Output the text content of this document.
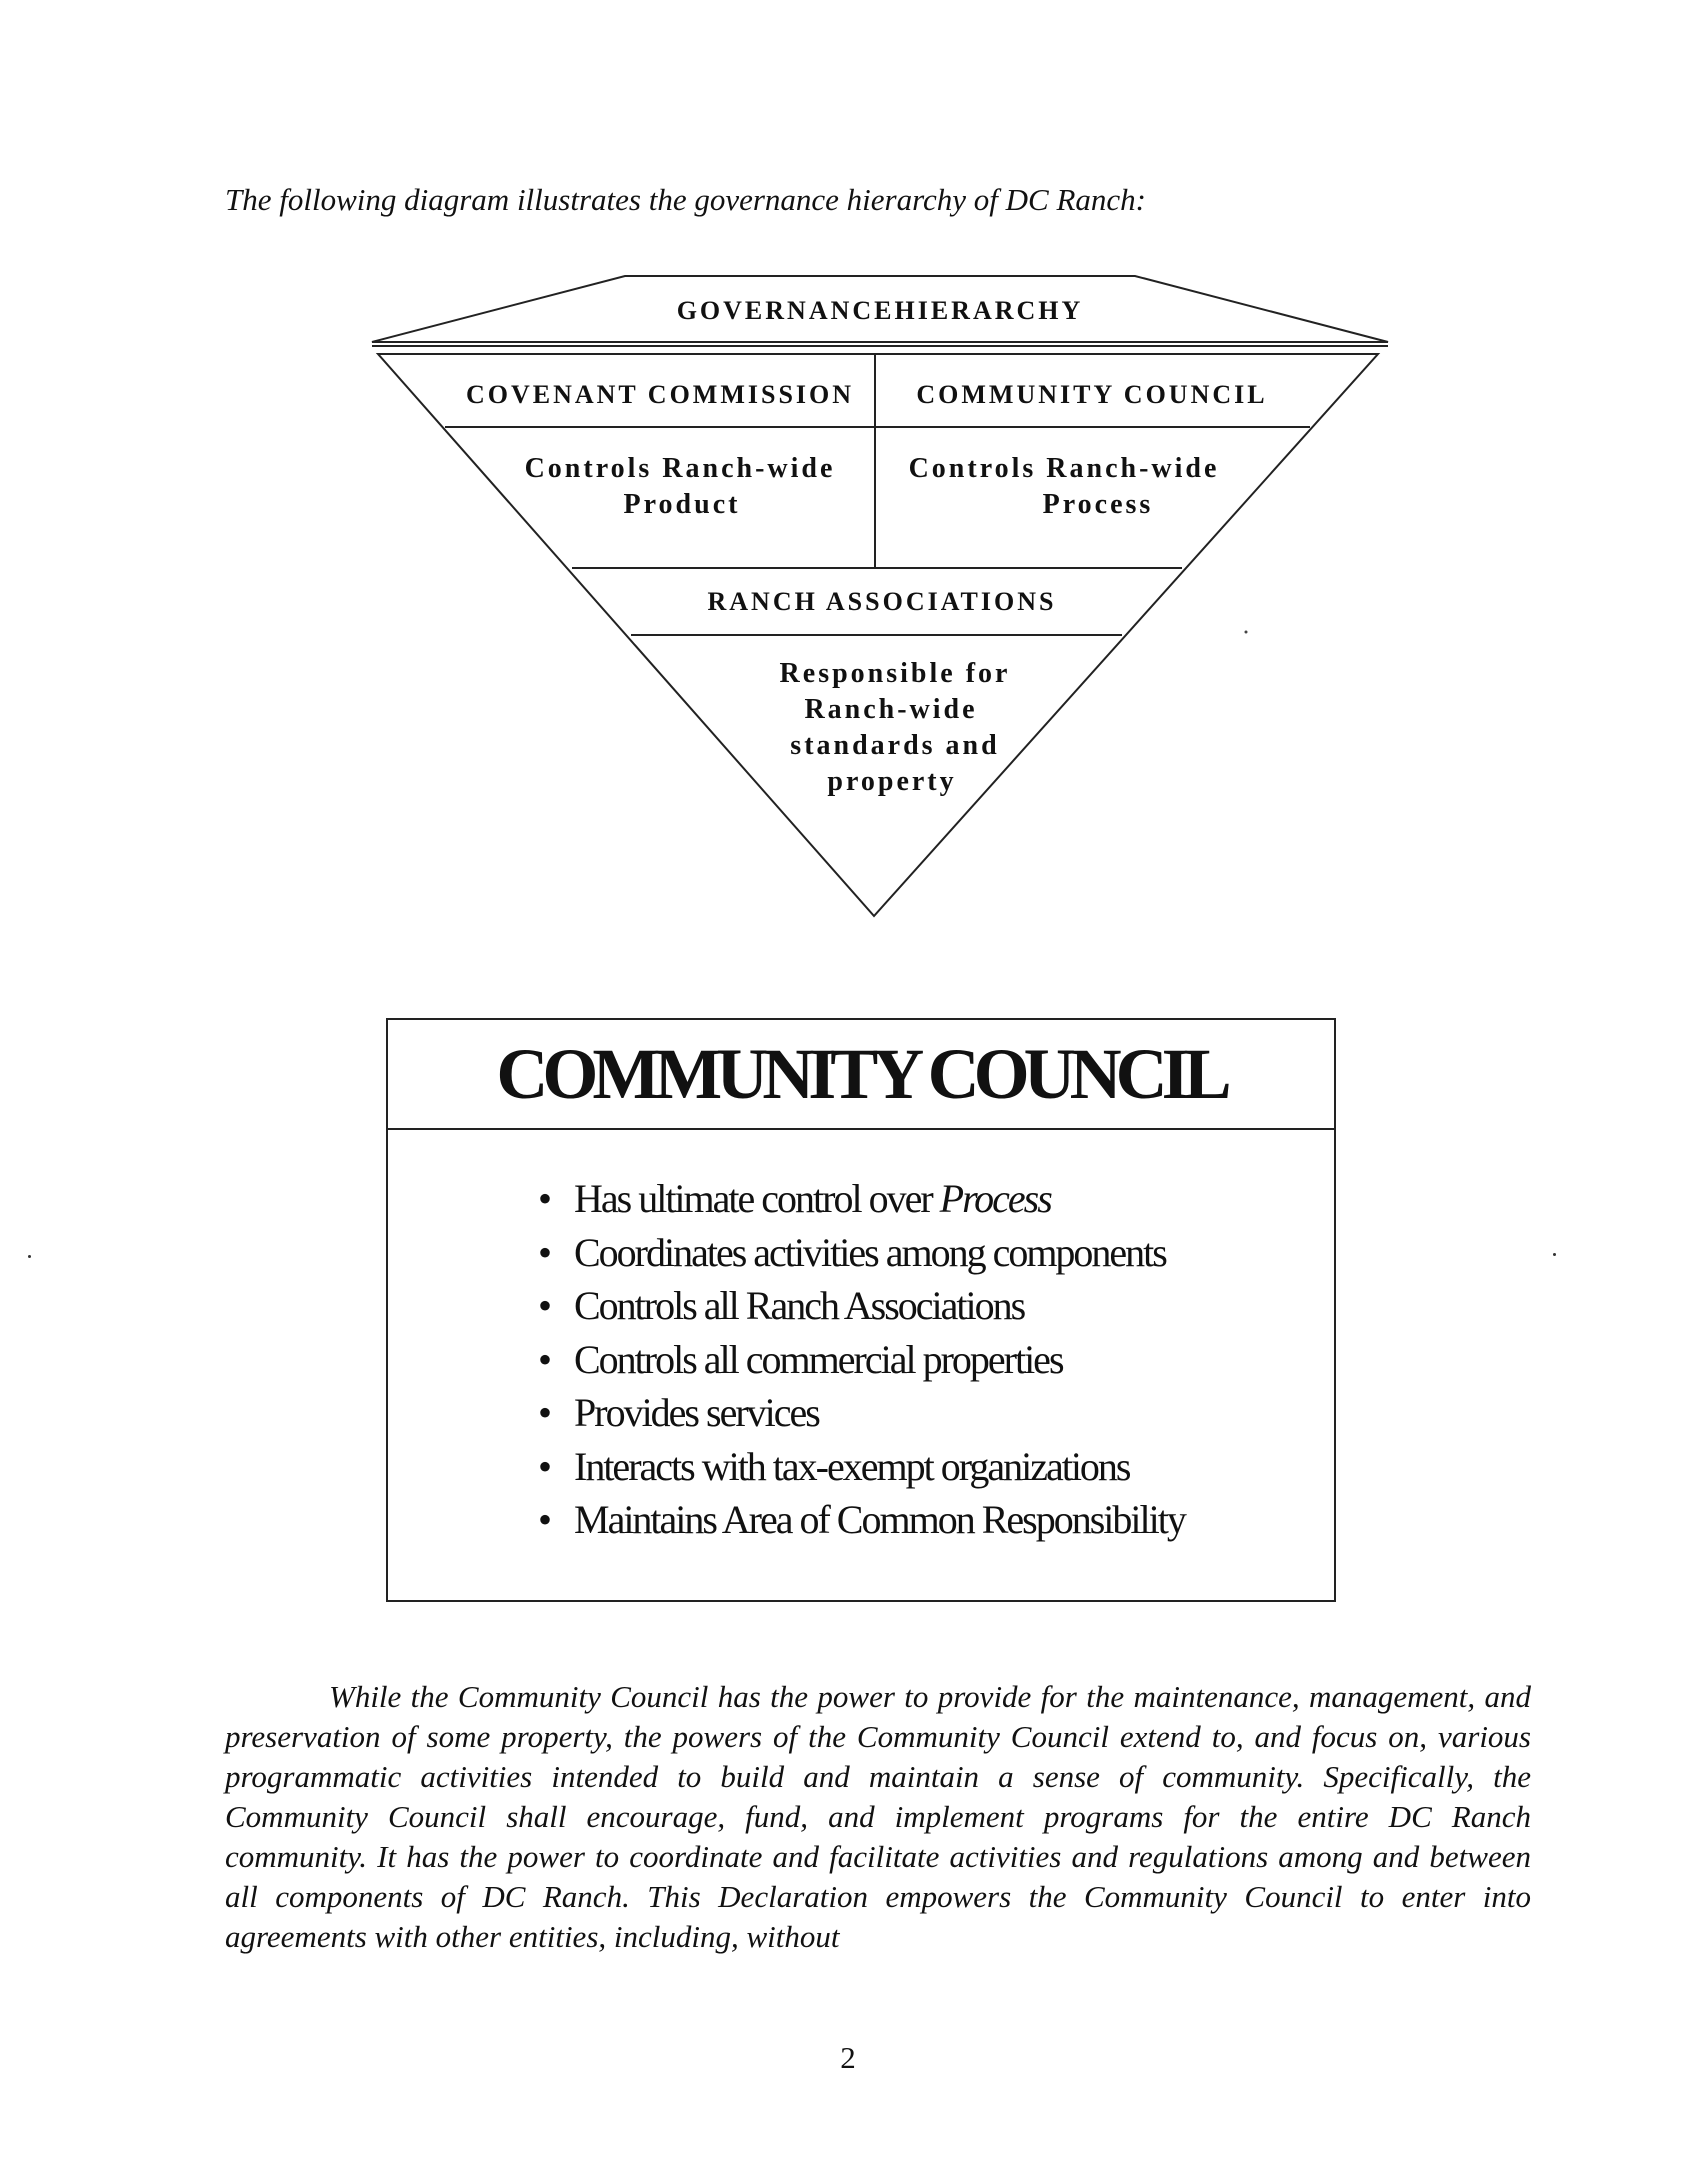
The following diagram illustrates the governance hierarchy of DC Ranch:
GOVERNANCEHIERARCHY
COVENANT COMMISSION COMMUNITY COUNCIL
Controls Ranch-wide
Product
Controls Ranch-wide
Process
RANCH ASSOCIATIONS
Responsible for
Ranch-wide
standards and
property
COMMUNITY COUNCIL
• Has ultimate control over Process
• Coordinates activities among components
• Controls all Ranch Associations
• Controls all commercial properties
• Provides services
• Interacts with tax-exempt organizations
• Maintains Area of Common Responsibility
While the Community Council has the power to provide for the maintenance, management, and preservation of some property, the powers of the Community Council extend to, and focus on, various programmatic activities intended to build and maintain a sense of community. Specifically, the Community Council shall encourage, fund, and implement programs for the entire DC Ranch community. It has the power to coordinate and facilitate activities and regulations among and between all components of DC Ranch. This Declaration empowers the Community Council to enter into agreements with other entities, including, without
2
